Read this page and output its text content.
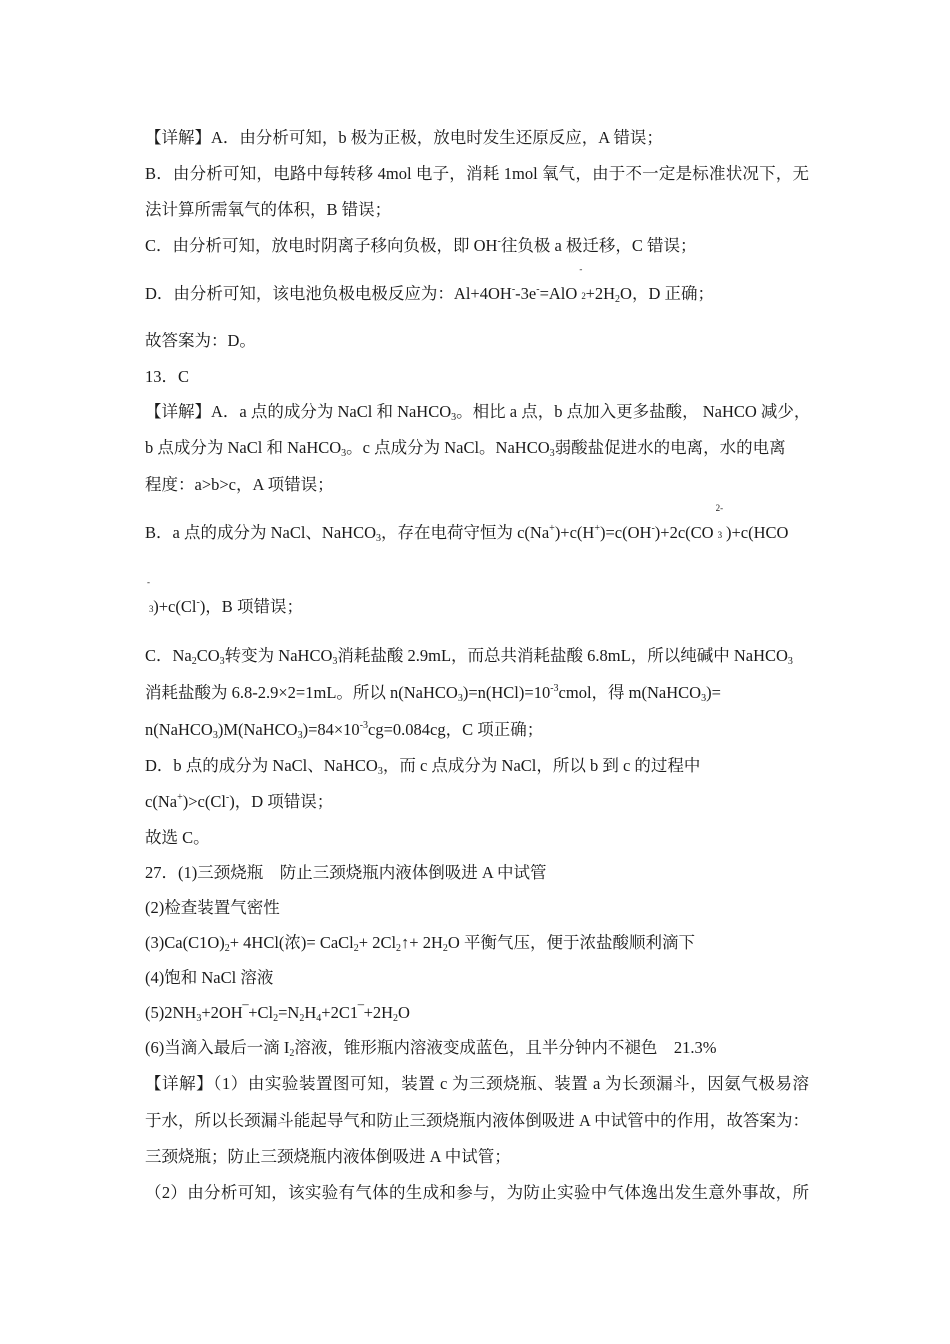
【详解】A．由分析可知，b 极为正极，放电时发生还原反应，A 错误；
B．由分析可知，电路中每转移 4mol 电子，消耗 1mol 氧气，由于不一定是标准状况下，无
法计算所需氧气的体积，B 错误；
C．由分析可知，放电时阴离子移向负极，即 OH-往负极 a 极迁移，C 错误；
D．由分析可知，该电池负极电极反应为：Al+4OH--3e-=AlO
-
$2 +2H_2O$，D 正确；
故答案为：D。
13．C
【详解】A．a 点的成分为 NaCl 和 NaHCO$_3$。相比 a 点，b 点加入更多盐酸， NaHCO 减少，
b 点成分为 NaCl 和 NaHCO$_3$。c 点成分为 NaCl。NaHCO$_3$弱酸盐促进水的电离，水的电离
程度：a>b>c，A 项错误；
B．a 点的成分为 NaCl、NaHCO$_3$，存在电荷守恒为 c(Na+)+c(H+)=c(OH-)+2c(CO
2-
3 )+c(HCO
-
3 )+c(Cl-)，B 项错误；
C．$Na_2CO_3$转变为 NaHCO$_3$消耗盐酸 2.9mL，而总共消耗盐酸 6.8mL，所以纯碱中 NaHCO$_3$
消耗盐酸为 6.8-2.9×2=1mL。所以 $n(NaHCO_3)=n(HCl)=10^{-3}cmol$，得 m(NaHCO$_3$)=
$n(NaHCO_3)M(NaHCO_3)=84\times 10^{-3}cg=0.084cg$，C 项正确；
D．b 点的成分为 NaCl、NaHCO$_3$，而 c 点成分为 NaCl，所以 b 到 c 的过程中
c(Na+)>c(Cl-)，D 项错误；
故选 C。
27．(1)三颈烧瓶　防止三颈烧瓶内液体倒吸进 A 中试管
(2)检查装置气密性
$(3)Ca(C1O)_2+ 4HCl$(浓)= CaCl$_2$+ $2Cl_2↑+ 2H_2O$ 平衡气压，便于浓盐酸顺利滴下
(4)饱和 NaCl 溶液
$(5)2NH_3+2OH‾+Cl_2=N_2H_4+2C1‾+2H_2O$
(6)当滴入最后一滴 $I_2$溶液，锥形瓶内溶液变成蓝色，且半分钟内不褪色　21.3%
【详解】（1）由实验装置图可知，装置 c 为三颈烧瓶、装置 a 为长颈漏斗，因氨气极易溶
于水，所以长颈漏斗能起导气和防止三颈烧瓶内液体倒吸进 A 中试管中的作用，故答案为：
三颈烧瓶；防止三颈烧瓶内液体倒吸进 A 中试管；
（2）由分析可知，该实验有气体的生成和参与，为防止实验中气体逸出发生意外事故，所
